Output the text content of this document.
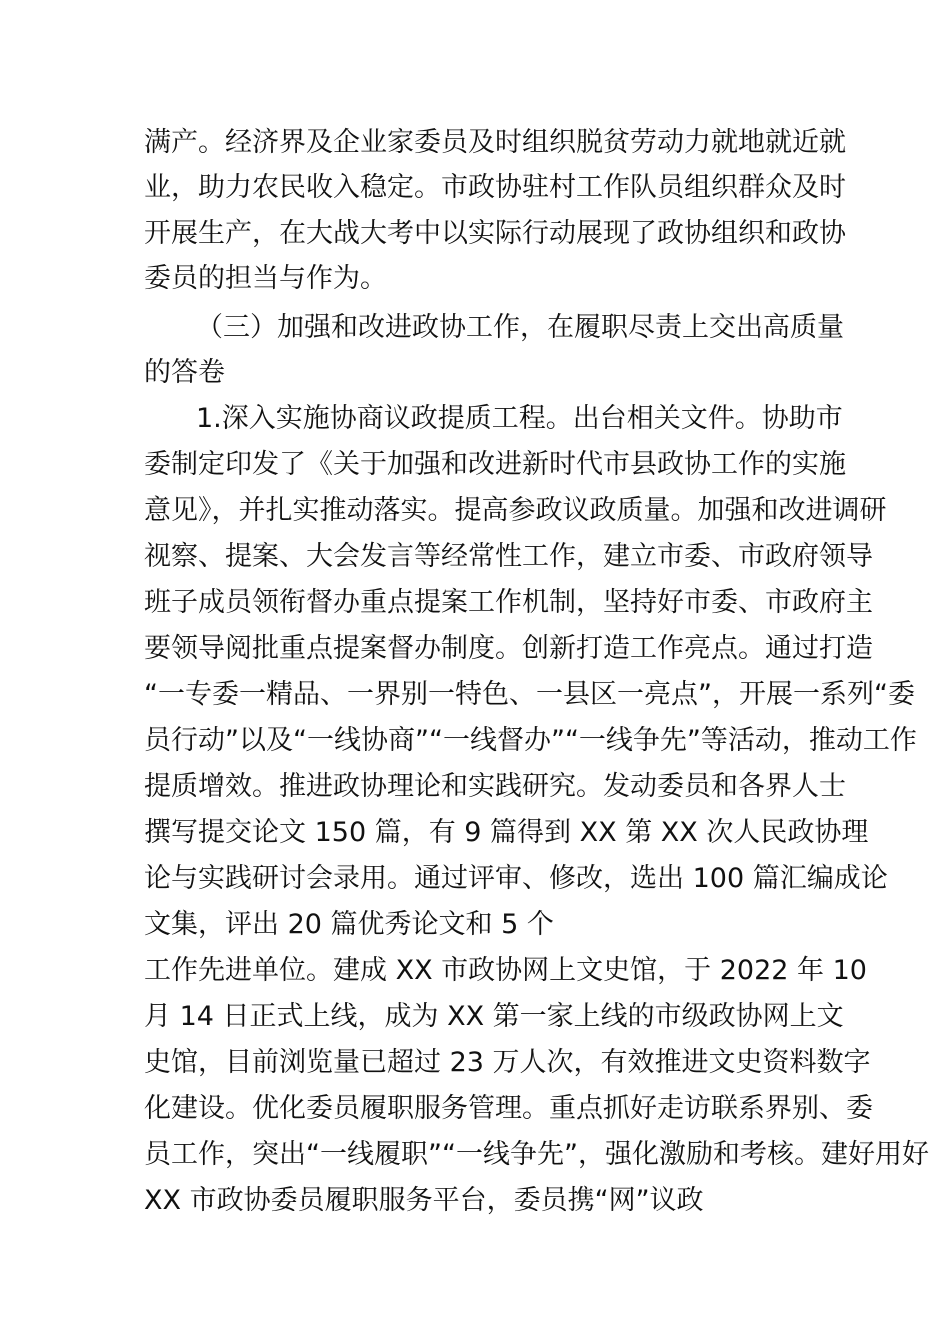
满产。经济界及企业家委员及时组织脱贫劳动力就地就近就
业，助力农民收入稳定。市政协驻村工作队员组织群众及时
开展生产，在大战大考中以实际行动展现了政协组织和政协
委员的担当与作为。
（三）加强和改进政协工作，在履职尽责上交出高质量
的答卷
1.深入实施协商议政提质工程。出台相关文件。协助市
委制定印发了《关于加强和改进新时代市县政协工作的实施
意见》，并扎实推动落实。提高参政议政质量。加强和改进调研
视察、提案、大会发言等经常性工作，建立市委、市政府领导
班子成员领衔督办重点提案工作机制，坚持好市委、市政府主
要领导阅批重点提案督办制度。创新打造工作亮点。通过打造
“一专委一精品、一界别一特色、一县区一亮点”，开展一系列“委
员行动”以及“一线协商”“一线督办”“一线争先”等活动，推动工作
提质增效。推进政协理论和实践研究。发动委员和各界人士
撰写提交论文 150 篇，有 9 篇得到 XX 第 XX 次人民政协理
论与实践研讨会录用。通过评审、修改，选出 100 篇汇编成论
文集，评出 20 篇优秀论文和 5 个
工作先进单位。建成 XX 市政协网上文史馆，于 2022 年 10
月 14 日正式上线，成为 XX 第一家上线的市级政协网上文
史馆，目前浏览量已超过 23 万人次，有效推进文史资料数字
化建设。优化委员履职服务管理。重点抓好走访联系界别、委
员工作，突出“一线履职”“一线争先”，强化激励和考核。建好用好
XX 市政协委员履职服务平台，委员携“网”议政
